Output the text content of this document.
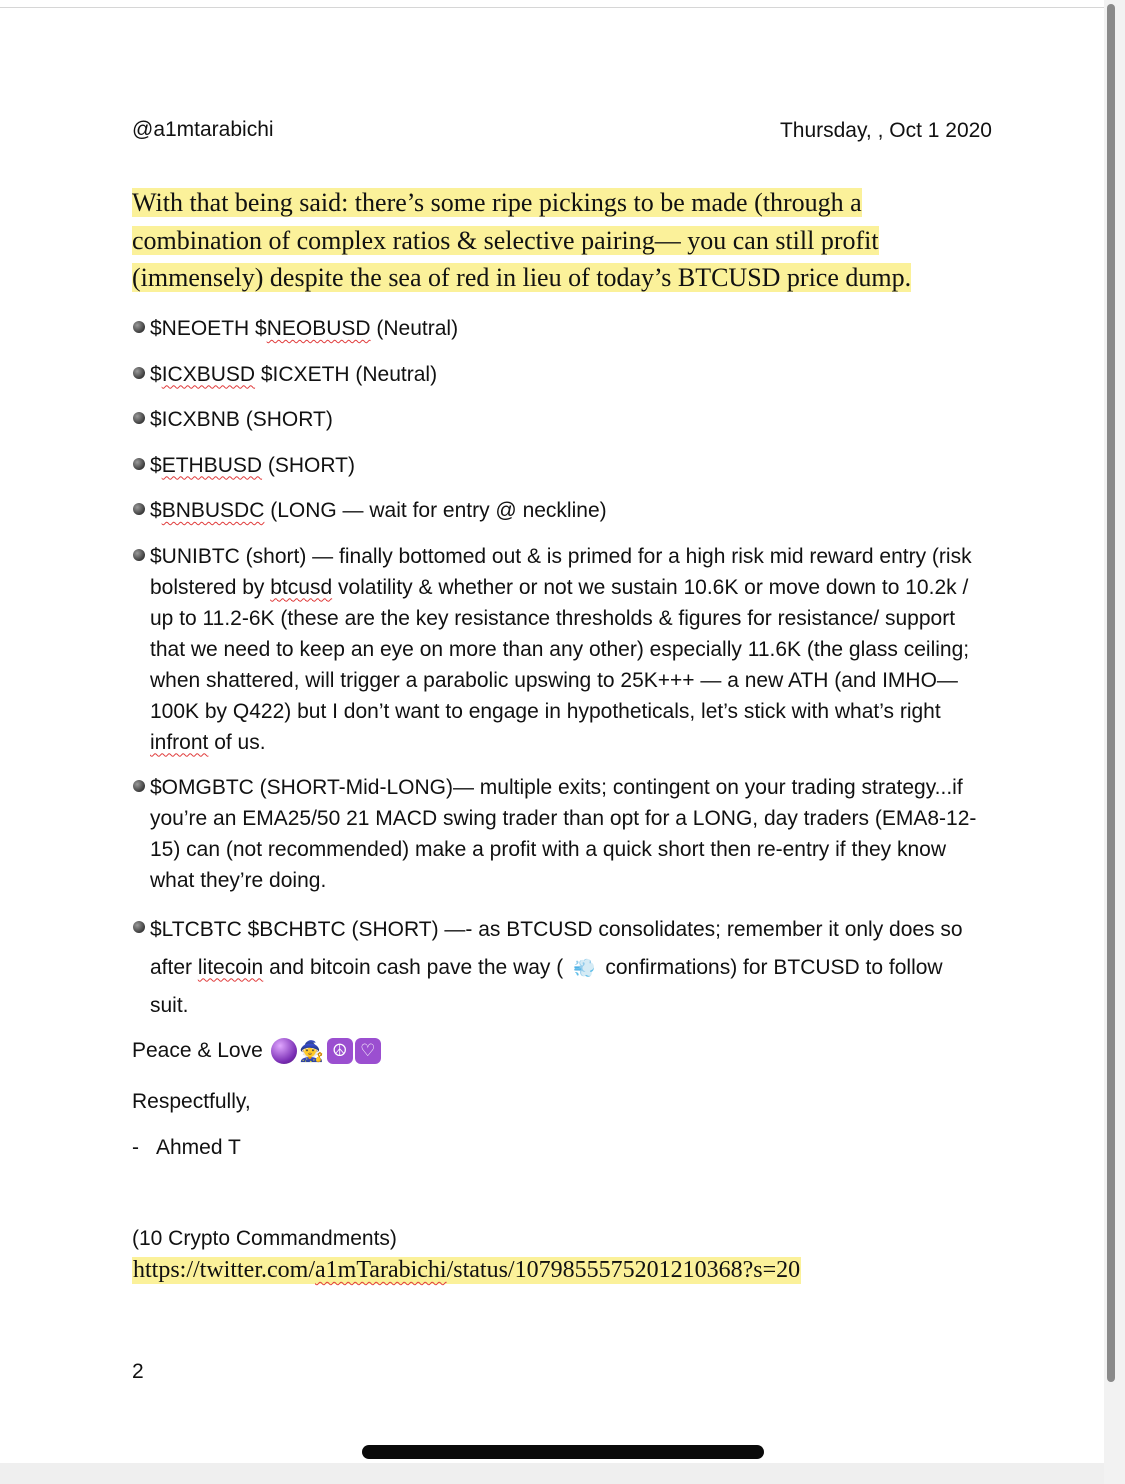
@a1mtarabichi	Thursday, , Oct 1 2020
With that being said: there’s some ripe pickings to be made (through a combination of complex ratios & selective pairing— you can still profit (immensely) despite the sea of red in lieu of today’s BTCUSD price dump.
$NEOETH $NEOBUSD (Neutral)
$ICXBUSD $ICXETH (Neutral)
$ICXBNB (SHORT)
$ETHBUSD (SHORT)
$BNBUSDC (LONG — wait for entry @ neckline)
$UNIBTC (short) — finally bottomed out & is primed for a high risk mid reward entry (risk bolstered by btcusd volatility & whether or not we sustain 10.6K or move down to 10.2k / up to 11.2-6K (these are the key resistance thresholds & figures for resistance/ support that we need to keep an eye on more than any other) especially 11.6K (the glass ceiling; when shattered, will trigger a parabolic upswing to 25K+++ — a new ATH (and IMHO— 100K by Q422) but I don’t want to engage in hypotheticals, let’s stick with what’s right infront of us.
$OMGBTC (SHORT-Mid-LONG)— multiple exits; contingent on your trading strategy...if you’re an EMA25/50 21 MACD swing trader than opt for a LONG, day traders (EMA8-12-15) can (not recommended) make a profit with a quick short then re-entry if they know what they’re doing.
$LTCBTC $BCHBTC (SHORT) —- as BTCUSD consolidates; remember it only does so after litecoin and bitcoin cash pave the way ( 💨 confirmations) for BTCUSD to follow suit.
Peace & Love 🧙 ☮ ♡
Respectfully,
- Ahmed T
(10 Crypto Commandments)
https://twitter.com/a1mTarabichi/status/1079855575201210368?s=20
2
